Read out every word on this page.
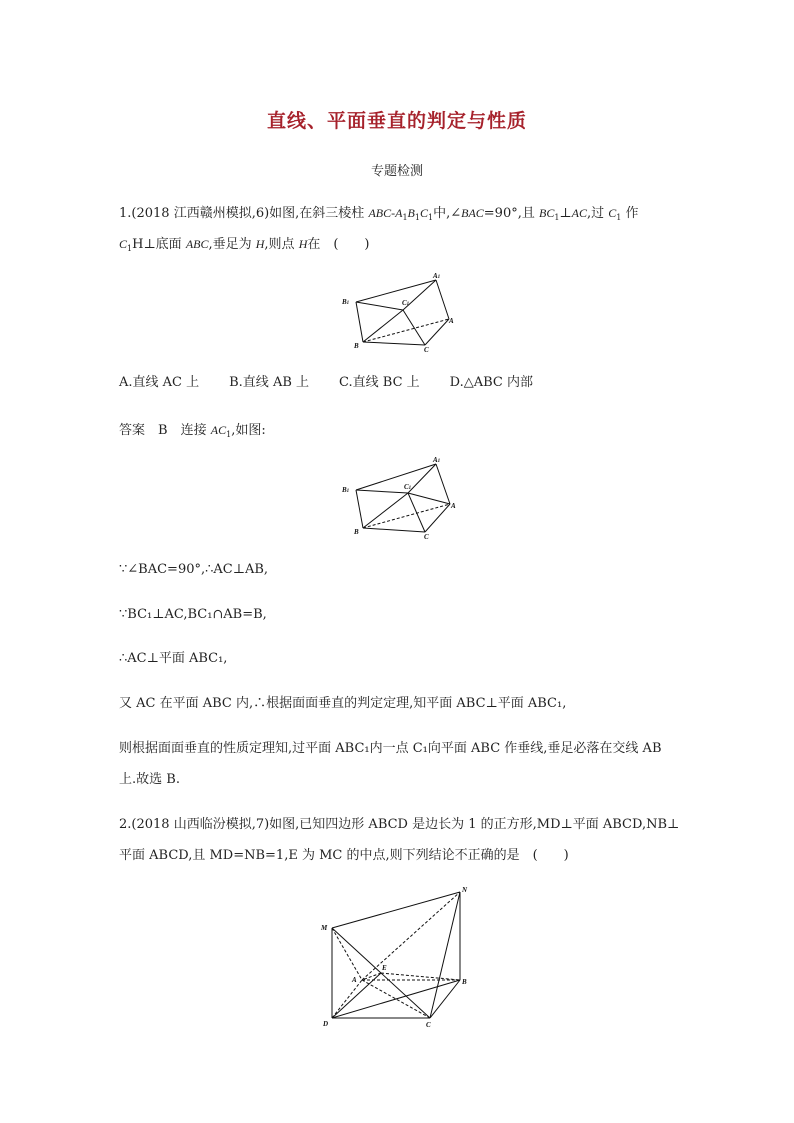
直线、平面垂直的判定与性质
专题检测
1.(2018 江西赣州模拟,6)如图,在斜三棱柱 ABC-$A_1B_1C_1$中,∠BAC=90°,且 $BC_1\perp AC$,过 $C_1$ 作
$C_1H\perp$底面 ABC,垂足为 H,则点 H在　(　　)
A1
B1	C1
A
B	C
A.直线 AC 上 B.直线 AB 上 C.直线 BC 上 D.△ABC 内部
答案　 B　 连接 $AC_1$,如图:
A1
B1
C1
A
B
C
∵∠BAC=90°,∴AC⊥AB,
∵BC₁⊥AC,BC₁∩AB=B,
∴AC⊥平面 ABC₁,
又 AC 在平面 ABC 内,∴根据面面垂直的判定定理,知平面 ABC⊥平面 ABC₁,
则根据面面垂直的性质定理知,过平面 ABC₁内一点 C₁向平面 ABC 作垂线,垂足必落在交线 AB
上.故选 B.
2.(2018 山西临汾模拟,7)如图,已知四边形 ABCD 是边长为 1 的正方形,MD⊥平面 ABCD,NB⊥
平面 ABCD,且 MD=NB=1,E 为 MC 的中点,则下列结论不正确的是　(　　)
M
N
E
A	B
D	C
